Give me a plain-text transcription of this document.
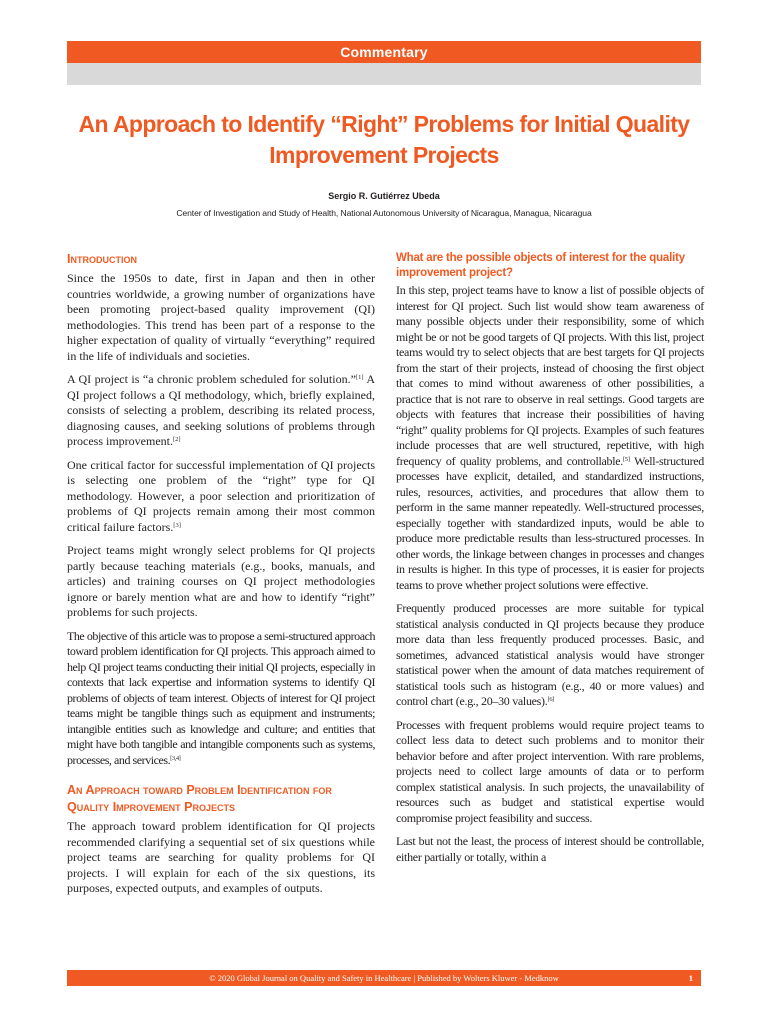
Commentary
An Approach to Identify “Right” Problems for Initial Quality Improvement Projects
Sergio R. Gutiérrez Ubeda
Center of Investigation and Study of Health, National Autonomous University of Nicaragua, Managua, Nicaragua
Introduction

Since the 1950s to date, first in Japan and then in other countries worldwide, a growing number of organizations have been promoting project-based quality improvement (QI) methodologies. This trend has been part of a response to the higher expectation of quality of virtually “everything” required in the life of individuals and societies.

A QI project is “a chronic problem scheduled for solution.”[1] A QI project follows a QI methodology, which, briefly explained, consists of selecting a problem, describing its related process, diagnosing causes, and seeking solutions of problems through process improvement.[2]

One critical factor for successful implementation of QI projects is selecting one problem of the “right” type for QI methodology. However, a poor selection and prioritization of problems of QI projects remain among their most common critical failure factors.[3]

Project teams might wrongly select problems for QI projects partly because teaching materials (e.g., books, manuals, and articles) and training courses on QI project methodologies ignore or barely mention what are and how to identify “right” problems for such projects.

The objective of this article was to propose a semi-structured approach toward problem identification for QI projects. This approach aimed to help QI project teams conducting their initial QI projects, especially in contexts that lack expertise and information systems to identify QI problems of objects of team interest. Objects of interest for QI project teams might be tangible things such as equipment and instruments; intangible entities such as knowledge and culture; and entities that might have both tangible and intangible components such as systems, processes, and services.[3,4]

An Approach toward Problem Identification for Quality Improvement Projects

The approach toward problem identification for QI projects recommended clarifying a sequential set of six questions while project teams are searching for quality problems for QI projects. I will explain for each of the six questions, its purposes, expected outputs, and examples of outputs.

What are the possible objects of interest for the quality improvement project?

In this step, project teams have to know a list of possible objects of interest for QI project. Such list would show team awareness of many possible objects under their responsibility, some of which might be or not be good targets of QI projects. With this list, project teams would try to select objects that are best targets for QI projects from the start of their projects, instead of choosing the first object that comes to mind without awareness of other possibilities, a practice that is not rare to observe in real settings. Good targets are objects with features that increase their possibilities of having “right” quality problems for QI projects. Examples of such features include processes that are well structured, repetitive, with high frequency of quality problems, and controllable.[5] Well-structured processes have explicit, detailed, and standardized instructions, rules, resources, activities, and procedures that allow them to perform in the same manner repeatedly. Well-structured processes, especially together with standardized inputs, would be able to produce more predictable results than less-structured processes. In other words, the linkage between changes in processes and changes in results is higher. In this type of processes, it is easier for projects teams to prove whether project solutions were effective.

Frequently produced processes are more suitable for typical statistical analysis conducted in QI projects because they produce more data than less frequently produced processes. Basic, and sometimes, advanced statistical analysis would have stronger statistical power when the amount of data matches requirement of statistical tools such as histogram (e.g., 40 or more values) and control chart (e.g., 20–30 values).[6]

Processes with frequent problems would require project teams to collect less data to detect such problems and to monitor their behavior before and after project intervention. With rare problems, projects need to collect large amounts of data or to perform complex statistical analysis. In such projects, the unavailability of resources such as budget and statistical expertise would compromise project feasibility and success.

Last but not the least, the process of interest should be controllable, either partially or totally, within a

© 2020 Global Journal on Quality and Safety in Healthcare | Published by Wolters Kluwer - Medknow	1
